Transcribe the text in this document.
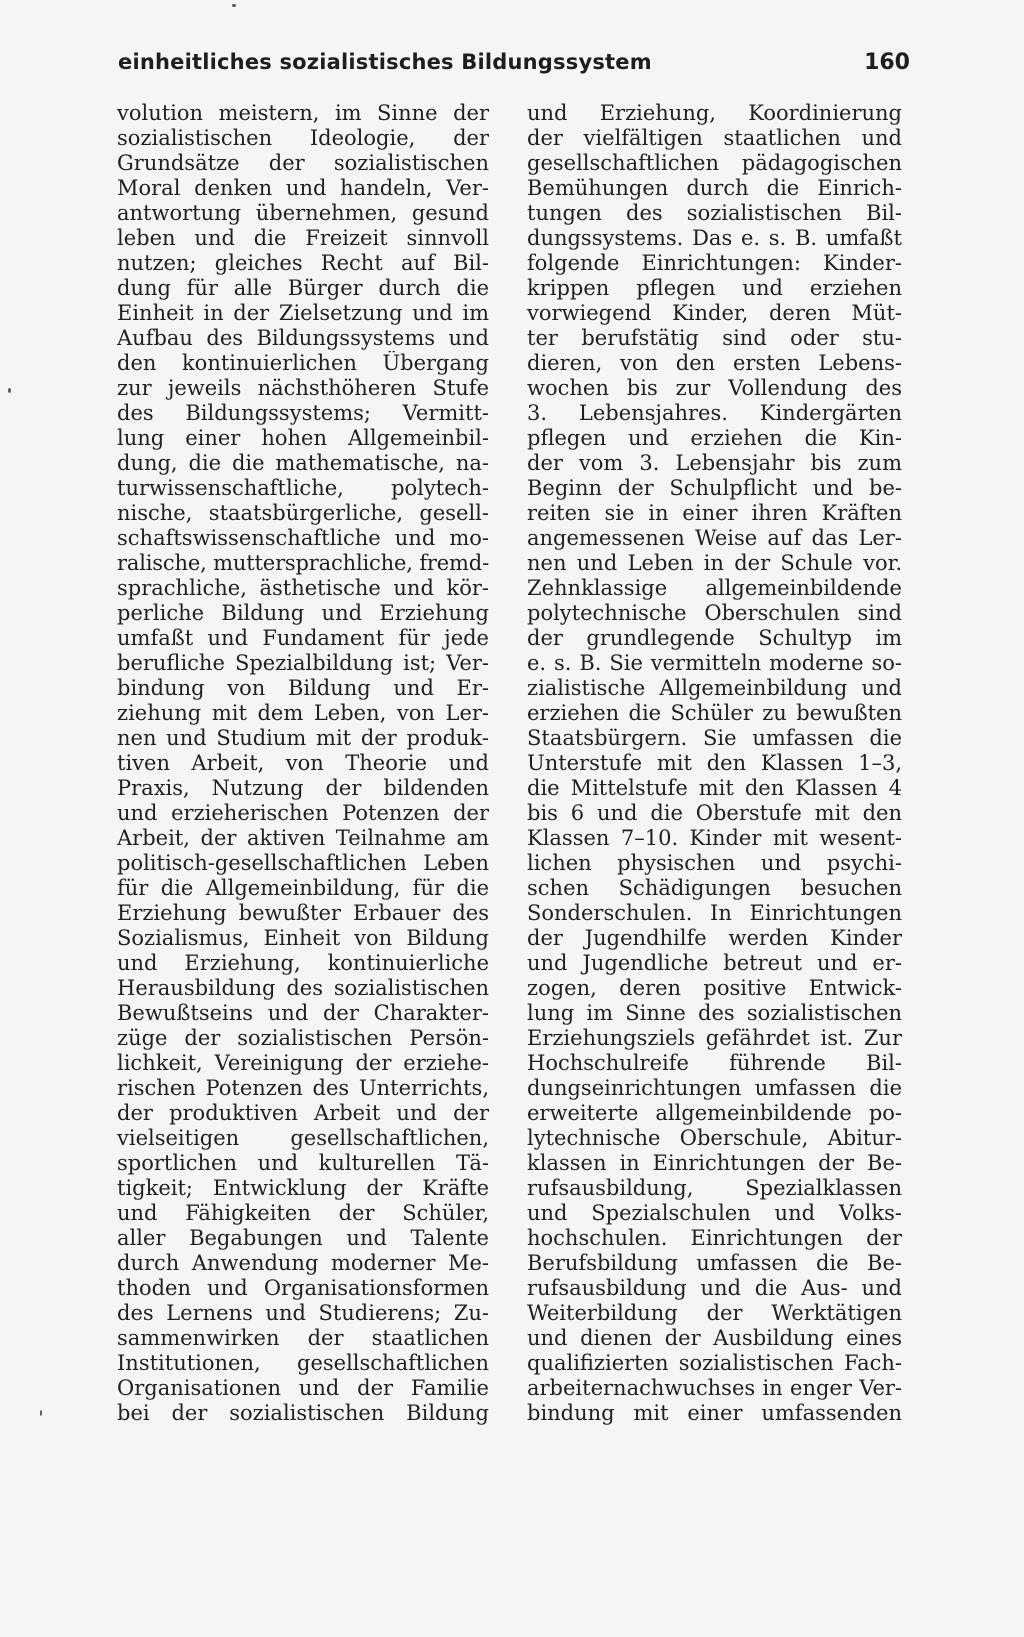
einheitliches sozialistisches Bildungssystem	160
volution meistern, im Sinne der
sozialistischen Ideologie, der
Grundsätze der sozialistischen
Moral denken und handeln, Ver-
antwortung übernehmen, gesund
leben und die Freizeit sinnvoll
nutzen; gleiches Recht auf Bil-
dung für alle Bürger durch die
Einheit in der Zielsetzung und im
Aufbau des Bildungssystems und
den kontinuierlichen Übergang
zur jeweils nächsthöheren Stufe
des Bildungssystems; Vermitt-
lung einer hohen Allgemeinbil-
dung, die die mathematische, na-
turwissenschaftliche, polytech-
nische, staatsbürgerliche, gesell-
schaftswissenschaftliche und mo-
ralische, muttersprachliche, fremd-
sprachliche, ästhetische und kör-
perliche Bildung und Erziehung
umfaßt und Fundament für jede
berufliche Spezialbildung ist; Ver-
bindung von Bildung und Er-
ziehung mit dem Leben, von Ler-
nen und Studium mit der produk-
tiven Arbeit, von Theorie und
Praxis, Nutzung der bildenden
und erzieherischen Potenzen der
Arbeit, der aktiven Teilnahme am
politisch-gesellschaftlichen Leben
für die Allgemeinbildung, für die
Erziehung bewußter Erbauer des
Sozialismus, Einheit von Bildung
und Erziehung, kontinuierliche
Herausbildung des sozialistischen
Bewußtseins und der Charakter-
züge der sozialistischen Persön-
lichkeit, Vereinigung der erziehe-
rischen Potenzen des Unterrichts,
der produktiven Arbeit und der
vielseitigen gesellschaftlichen,
sportlichen und kulturellen Tä-
tigkeit; Entwicklung der Kräfte
und Fähigkeiten der Schüler,
aller Begabungen und Talente
durch Anwendung moderner Me-
thoden und Organisationsformen
des Lernens und Studierens; Zu-
sammenwirken der staatlichen
Institutionen, gesellschaftlichen
Organisationen und der Familie
bei der sozialistischen Bildung
und Erziehung, Koordinierung
der vielfältigen staatlichen und
gesellschaftlichen pädagogischen
Bemühungen durch die Einrich-
tungen des sozialistischen Bil-
dungssystems. Das e. s. B. umfaßt
folgende Einrichtungen: Kinder-
krippen pflegen und erziehen
vorwiegend Kinder, deren Müt-
ter berufstätig sind oder stu-
dieren, von den ersten Lebens-
wochen bis zur Vollendung des
3. Lebensjahres. Kindergärten
pflegen und erziehen die Kin-
der vom 3. Lebensjahr bis zum
Beginn der Schulpflicht und be-
reiten sie in einer ihren Kräften
angemessenen Weise auf das Ler-
nen und Leben in der Schule vor.
Zehnklassige allgemeinbildende
polytechnische Oberschulen sind
der grundlegende Schultyp im
e. s. B. Sie vermitteln moderne so-
zialistische Allgemeinbildung und
erziehen die Schüler zu bewußten
Staatsbürgern. Sie umfassen die
Unterstufe mit den Klassen 1–3,
die Mittelstufe mit den Klassen 4
bis 6 und die Oberstufe mit den
Klassen 7–10. Kinder mit wesent-
lichen physischen und psychi-
schen Schädigungen besuchen
Sonderschulen. In Einrichtungen
der Jugendhilfe werden Kinder
und Jugendliche betreut und er-
zogen, deren positive Entwick-
lung im Sinne des sozialistischen
Erziehungsziels gefährdet ist. Zur
Hochschulreife führende Bil-
dungseinrichtungen umfassen die
erweiterte allgemeinbildende po-
lytechnische Oberschule, Abitur-
klassen in Einrichtungen der Be-
rufsausbildung, Spezialklassen
und Spezialschulen und Volks-
hochschulen. Einrichtungen der
Berufsbildung umfassen die Be-
rufsausbildung und die Aus- und
Weiterbildung der Werktätigen
und dienen der Ausbildung eines
qualifizierten sozialistischen Fach-
arbeiternachwuchses in enger Ver-
bindung mit einer umfassenden
